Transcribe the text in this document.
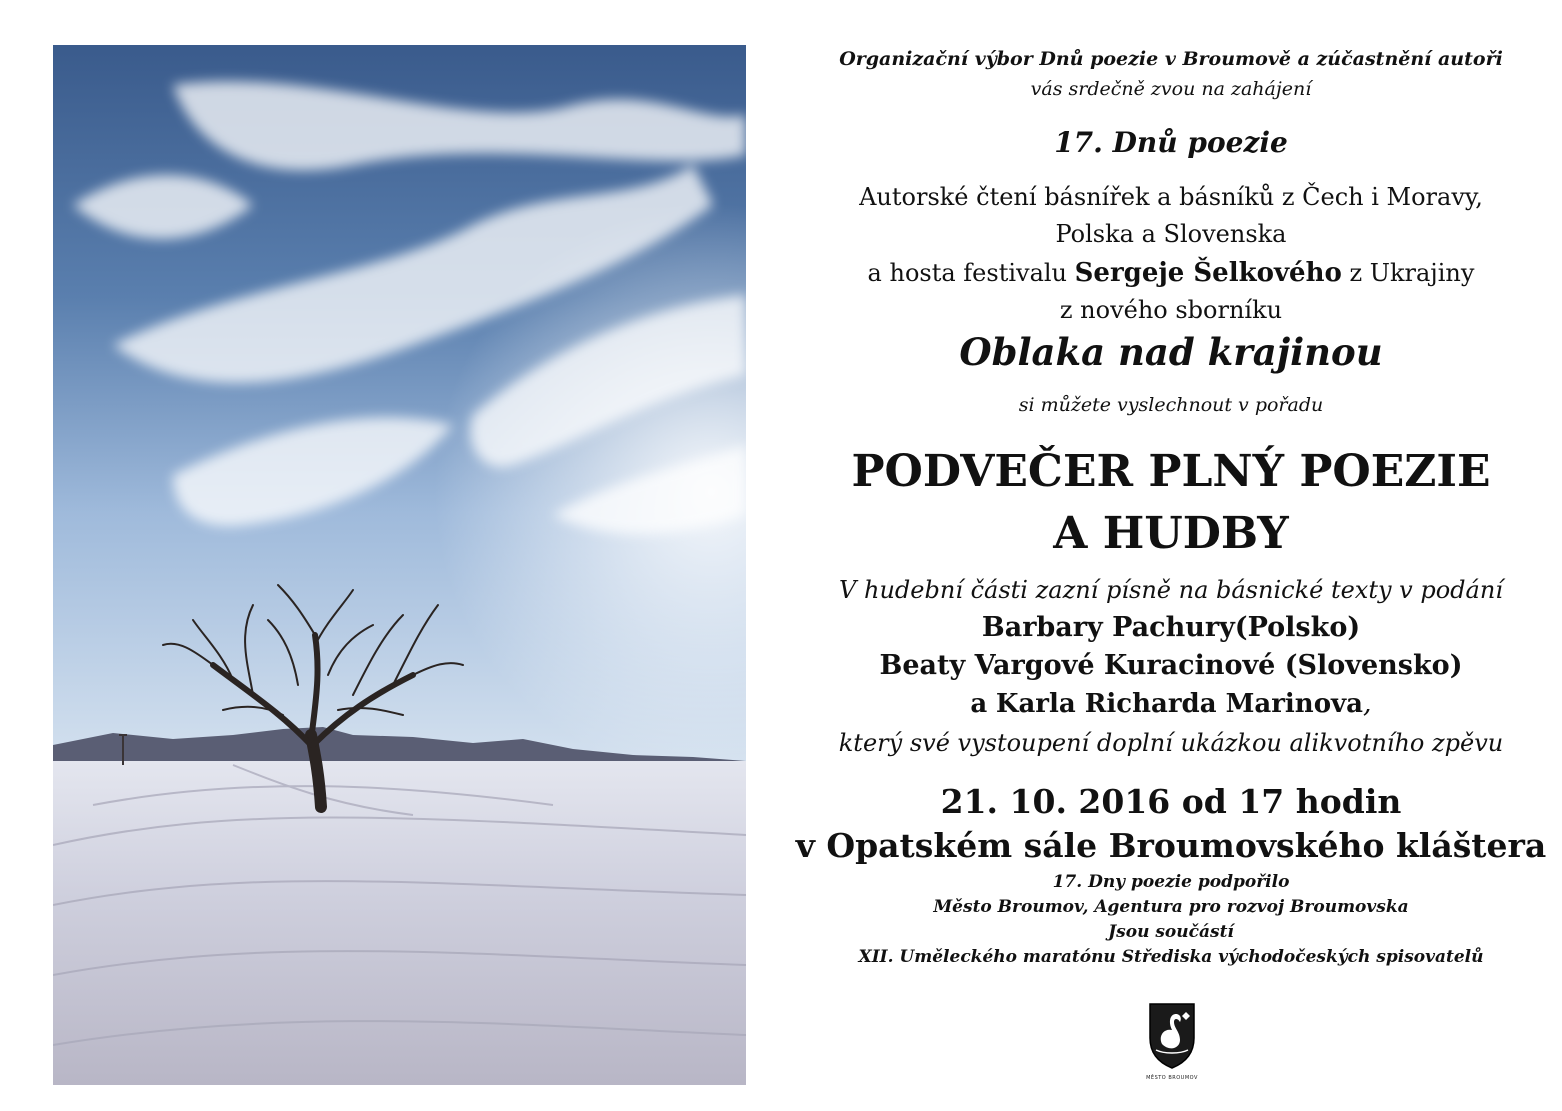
Organizační výbor Dnů poezie v Broumově a zúčastnění autoři
vás srdečně zvou na zahájení
17. Dnů poezie
Autorské čtení básnířek a básníků z Čech i Moravy,
Polska a Slovenska
a hosta festivalu Sergeje Šelkového z Ukrajiny
z nového sborníku
Oblaka nad krajinou
si můžete vyslechnout v pořadu
PODVEČER PLNÝ POEZIE
A HUDBY
V hudební části zazní písně na básnické texty v podání
Barbary Pachury(Polsko)
Beaty Vargové Kuracinové (Slovensko)
a Karla Richarda Marinova,
který své vystoupení doplní ukázkou alikvotního zpěvu
21. 10. 2016 od 17 hodin
v Opatském sále Broumovského kláštera
17. Dny poezie podpořilo
Město Broumov, Agentura pro rozvoj Broumovska
Jsou součástí
XII. Uměleckého maratónu Střediska východočeských spisovatelů
MĚSTO BROUMOV
